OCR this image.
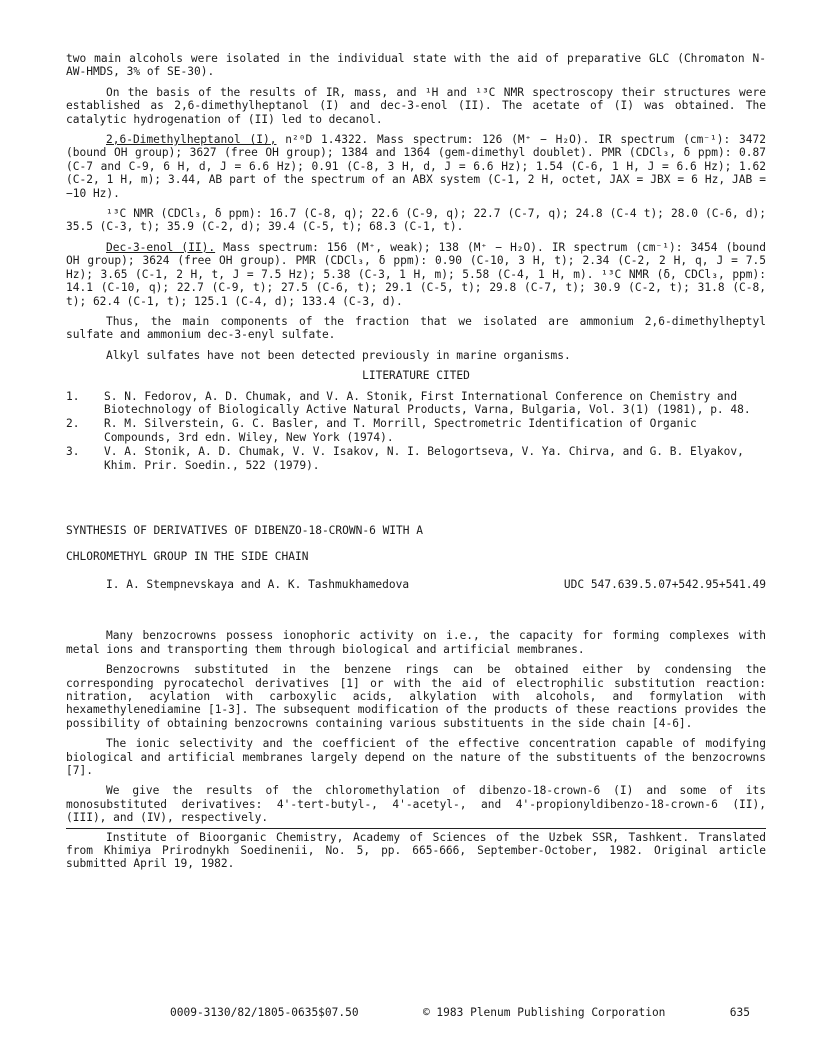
two main alcohols were isolated in the individual state with the aid of preparative GLC (Chromaton N-AW-HMDS, 3% of SE-30).

On the basis of the results of IR, mass, and ¹H and ¹³C NMR spectroscopy their structures were established as 2,6-dimethylheptanol (I) and dec-3-enol (II). The acetate of (I) was obtained. The catalytic hydrogenation of (II) led to decanol.

2,6-Dimethylheptanol (I), n²⁰D 1.4322. Mass spectrum: 126 (M⁺ − H₂O). IR spectrum (cm⁻¹): 3472 (bound OH group); 3627 (free OH group); 1384 and 1364 (gem-dimethyl doublet). PMR (CDCl₃, δ ppm): 0.87 (C-7 and C-9, 6 H, d, J = 6.6 Hz); 0.91 (C-8, 3 H, d, J = 6.6 Hz); 1.54 (C-6, 1 H, J = 6.6 Hz); 1.62 (C-2, 1 H, m); 3.44, AB part of the spectrum of an ABX system (C-1, 2 H, octet, JAX = JBX = 6 Hz, JAB = −10 Hz).

¹³C NMR (CDCl₃, δ ppm): 16.7 (C-8, q); 22.6 (C-9, q); 22.7 (C-7, q); 24.8 (C-4 t); 28.0 (C-6, d); 35.5 (C-3, t); 35.9 (C-2, d); 39.4 (C-5, t); 68.3 (C-1, t).

Dec-3-enol (II). Mass spectrum: 156 (M⁺, weak); 138 (M⁺ − H₂O). IR spectrum (cm⁻¹): 3454 (bound OH group); 3624 (free OH group). PMR (CDCl₃, δ ppm): 0.90 (C-10, 3 H, t); 2.34 (C-2, 2 H, q, J = 7.5 Hz); 3.65 (C-1, 2 H, t, J = 7.5 Hz); 5.38 (C-3, 1 H, m); 5.58 (C-4, 1 H, m). ¹³C NMR (δ, CDCl₃, ppm): 14.1 (C-10, q); 22.7 (C-9, t); 27.5 (C-6, t); 29.1 (C-5, t); 29.8 (C-7, t); 30.9 (C-2, t); 31.8 (C-8, t); 62.4 (C-1, t); 125.1 (C-4, d); 133.4 (C-3, d).

Thus, the main components of the fraction that we isolated are ammonium 2,6-dimethylheptyl sulfate and ammonium dec-3-enyl sulfate.

Alkyl sulfates have not been detected previously in marine organisms.

LITERATURE CITED
1.	S. N. Fedorov, A. D. Chumak, and V. A. Stonik, First International Conference on Chemistry and Biotechnology of Biologically Active Natural Products, Varna, Bulgaria, Vol. 3(1) (1981), p. 48.
2.	R. M. Silverstein, G. C. Basler, and T. Morrill, Spectrometric Identification of Organic Compounds, 3rd edn. Wiley, New York (1974).
3.	V. A. Stonik, A. D. Chumak, V. V. Isakov, N. I. Belogortseva, V. Ya. Chirva, and G. B. Elyakov, Khim. Prir. Soedin., 522 (1979).
SYNTHESIS OF DERIVATIVES OF DIBENZO-18-CROWN-6 WITH A
CHLOROMETHYL GROUP IN THE SIDE CHAIN
I. A. Stempnevskaya and A. K. Tashmukhamedova	UDC 547.639.5.07+542.95+541.49

Many benzocrowns possess ionophoric activity on i.e., the capacity for forming complexes with metal ions and transporting them through biological and artificial membranes.

Benzocrowns substituted in the benzene rings can be obtained either by condensing the corresponding pyrocatechol derivatives [1] or with the aid of electrophilic substitution reaction: nitration, acylation with carboxylic acids, alkylation with alcohols, and formylation with hexamethylenediamine [1-3]. The subsequent modification of the products of these reactions provides the possibility of obtaining benzocrowns containing various substituents in the side chain [4-6].

The ionic selectivity and the coefficient of the effective concentration capable of modifying biological and artificial membranes largely depend on the nature of the substituents of the benzocrowns [7].

We give the results of the chloromethylation of dibenzo-18-crown-6 (I) and some of its monosubstituted derivatives: 4'-tert-butyl-, 4'-acetyl-, and 4'-propionyldibenzo-18-crown-6 (II), (III), and (IV), respectively.

Institute of Bioorganic Chemistry, Academy of Sciences of the Uzbek SSR, Tashkent. Translated from Khimiya Prirodnykh Soedinenii, No. 5, pp. 665-666, September-October, 1982. Original article submitted April 19, 1982.

0009-3130/82/1805-0635$07.50	© 1983 Plenum Publishing Corporation	635
